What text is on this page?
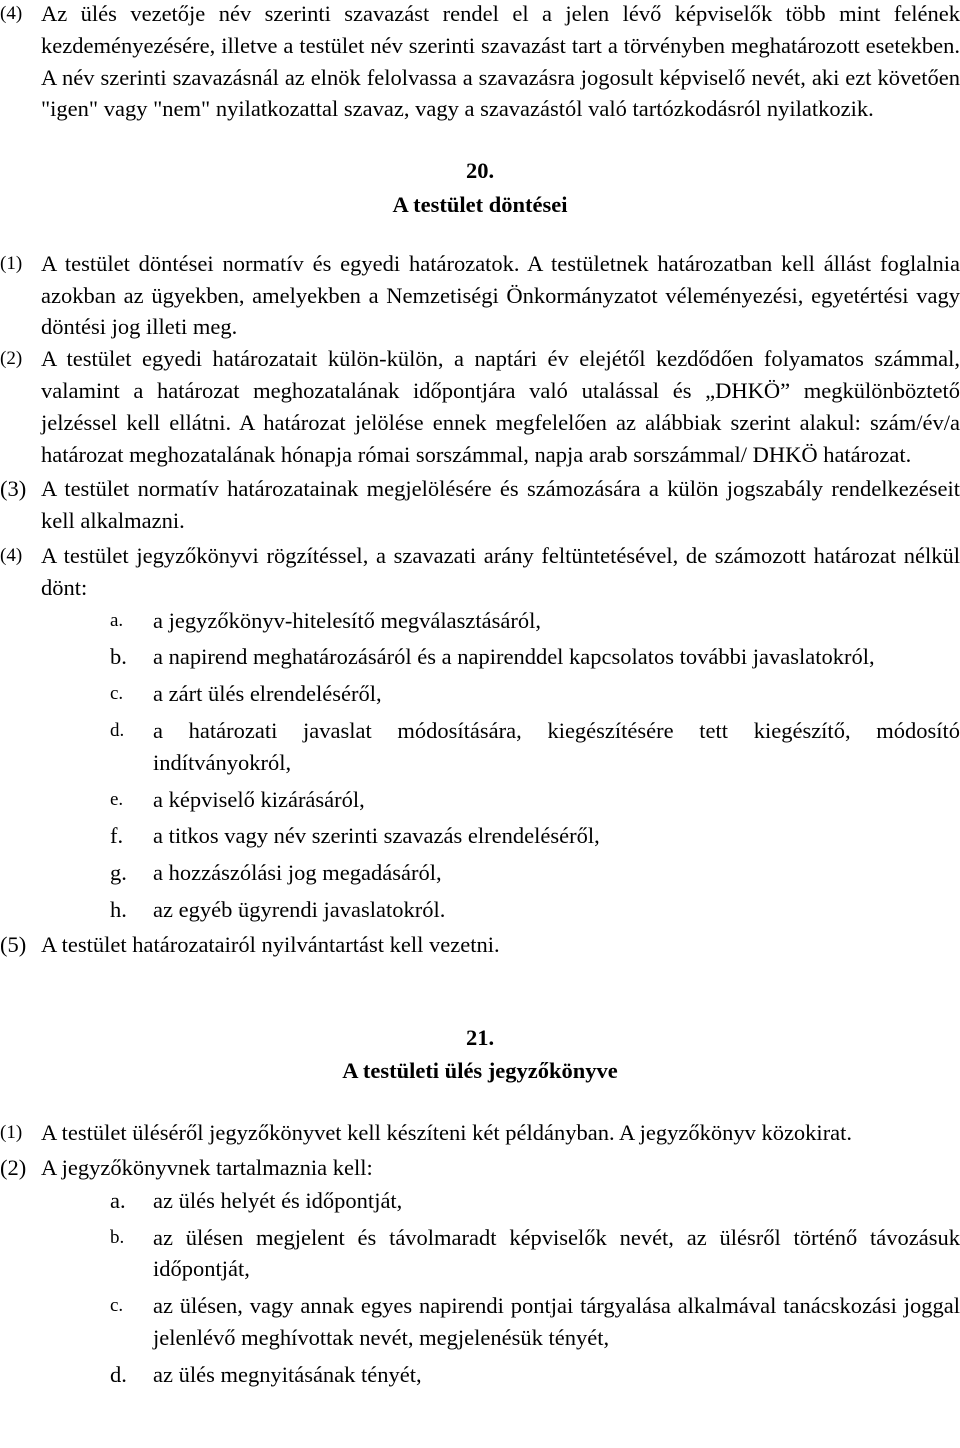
(4) Az ülés vezetője név szerinti szavazást rendel el a jelen lévő képviselők több mint felének kezdeményezésére, illetve a testület név szerinti szavazást tart a törvényben meghatározott esetekben. A név szerinti szavazásnál az elnök felolvassa a szavazásra jogosult képviselő nevét, aki ezt követően "igen" vagy "nem" nyilatkozattal szavaz, vagy a szavazástól való tartózkodásról nyilatkozik.

20.

A testület döntései

(1) A testület döntései normatív és egyedi határozatok. A testületnek határozatban kell állást foglalnia azokban az ügyekben, amelyekben a Nemzetiségi Önkormányzatot véleményezési, egyetértési vagy döntési jog illeti meg.
(2) A testület egyedi határozatait külön-külön, a naptári év elejétől kezdődően folyamatos számmal, valamint a határozat meghozatalának időpontjára való utalással és „DHKÖ” megkülönböztető jelzéssel kell ellátni. A határozat jelölése ennek megfelelően az alábbiak szerint alakul: szám/év/a határozat meghozatalának hónapja római sorszámmal, napja arab sorszámmal/ DHKÖ határozat.
(3) A testület normatív határozatainak megjelölésére és számozására a külön jogszabály rendelkezéseit kell alkalmazni.
(4) A testület jegyzőkönyvi rögzítéssel, a szavazati arány feltüntetésével, de számozott határozat nélkül dönt:
a.	a jegyzőkönyv-hitelesítő megválasztásáról,
b.	a napirend meghatározásáról és a napirenddel kapcsolatos további javaslatokról,
c.	a zárt ülés elrendeléséről,
d.	a határozati javaslat módosítására, kiegészítésére tett kiegészítő, módosító indítványokról,
e.	a képviselő kizárásáról,
f.	a titkos vagy név szerinti szavazás elrendeléséről,
g.	a hozzászólási jog megadásáról,
h.	az egyéb ügyrendi javaslatokról.
(5) A testület határozatairól nyilvántartást kell vezetni.

21.

A testületi ülés jegyzőkönyve

(1) A testület üléséről jegyzőkönyvet kell készíteni két példányban. A jegyzőkönyv közokirat.
(2) A jegyzőkönyvnek tartalmaznia kell:
a.	az ülés helyét és időpontját,
b.	az ülésen megjelent és távolmaradt képviselők nevét, az ülésről történő távozásuk időpontját,
c.	az ülésen, vagy annak egyes napirendi pontjai tárgyalása alkalmával tanácskozási joggal jelenlévő meghívottak nevét, megjelenésük tényét,
d.	az ülés megnyitásának tényét,
